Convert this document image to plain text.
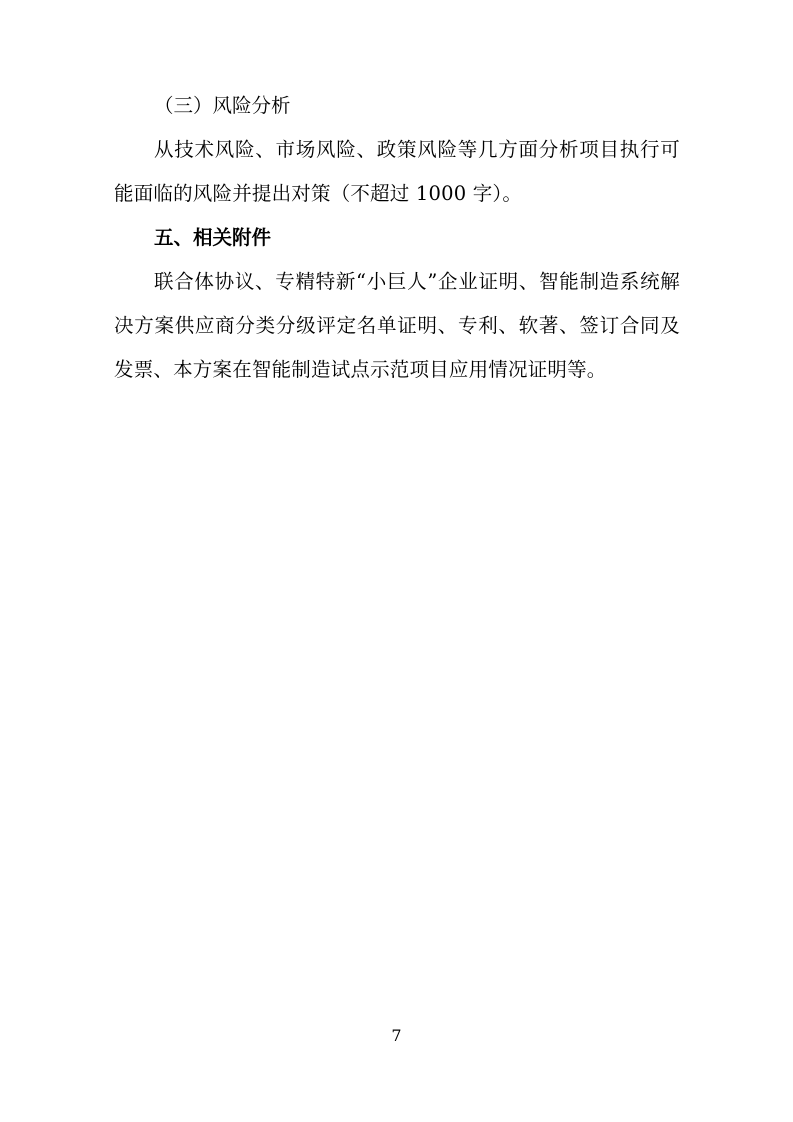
（三）风险分析

从技术风险、市场风险、政策风险等几方面分析项目执行可能面临的风险并提出对策（不超过 1000 字）。

五、相关附件

联合体协议、专精特新“小巨人”企业证明、智能制造系统解决方案供应商分类分级评定名单证明、专利、软著、签订合同及发票、本方案在智能制造试点示范项目应用情况证明等。

7
